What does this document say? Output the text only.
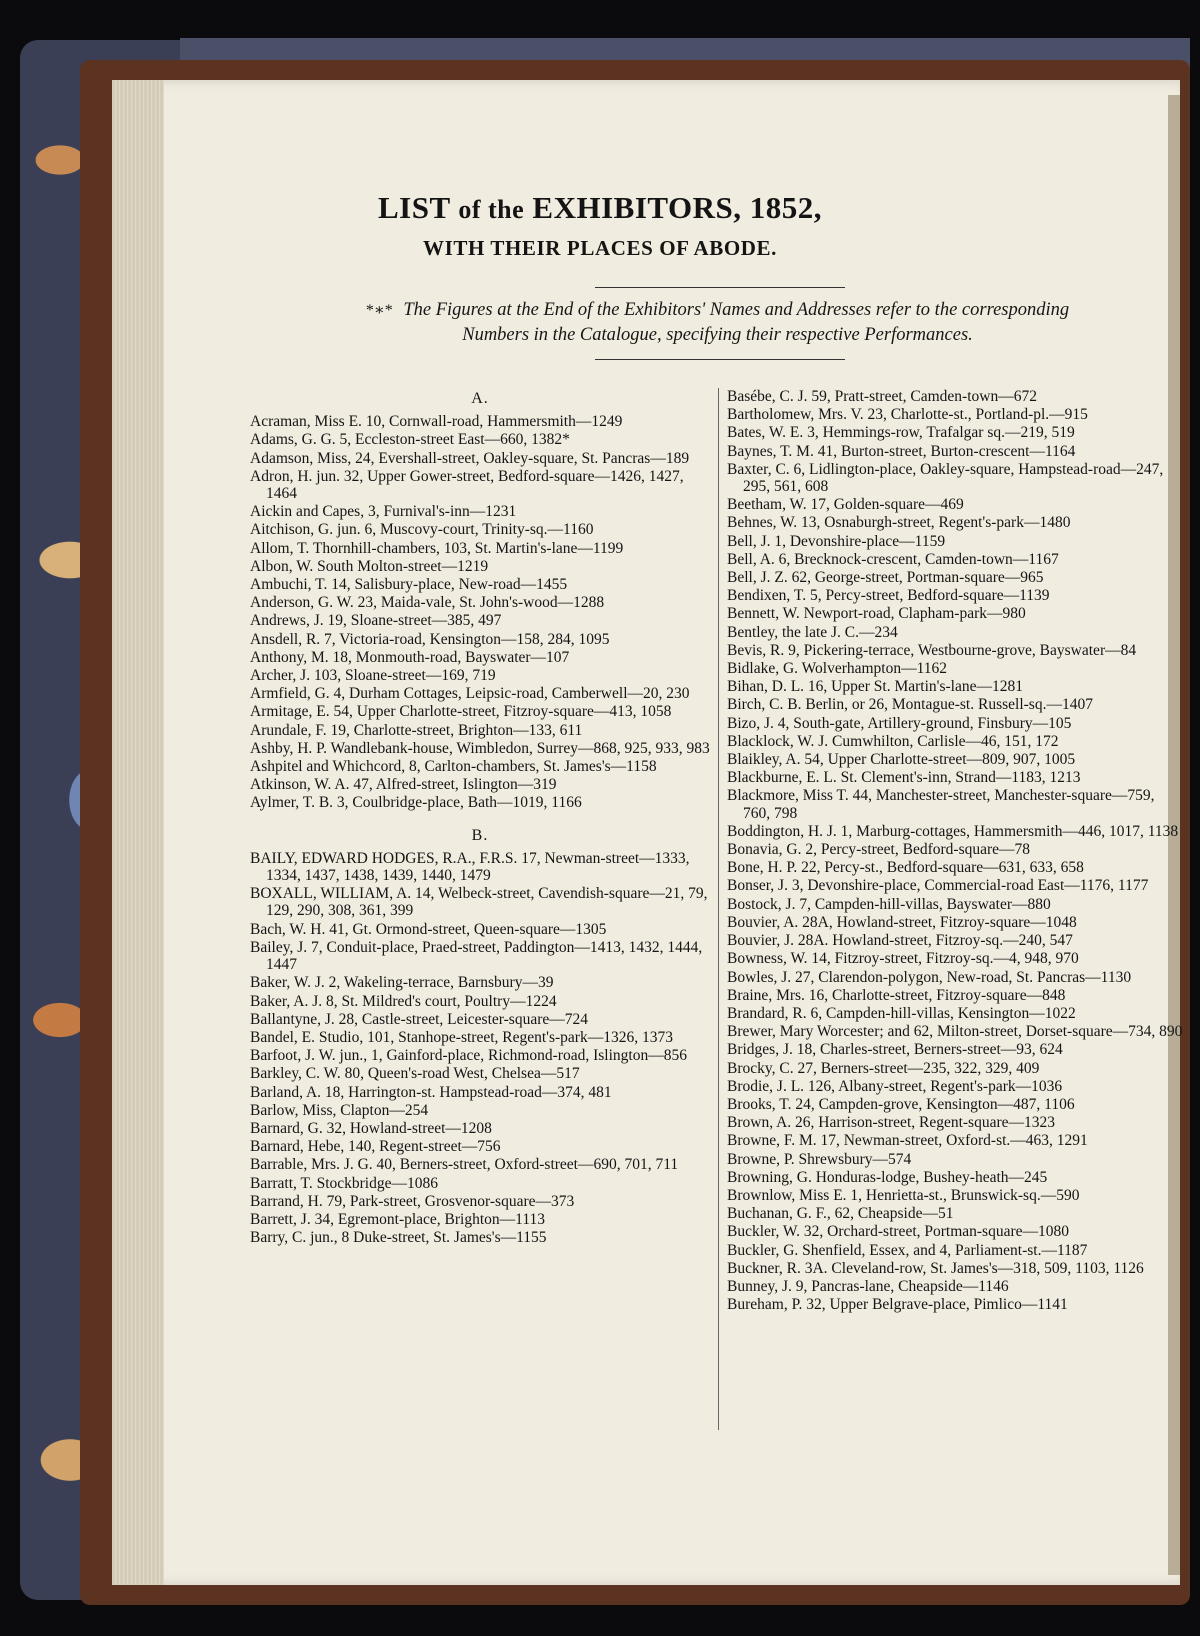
LIST of the EXHIBITORS, 1852,
WITH THEIR PLACES OF ABODE.
*∗* The Figures at the End of the Exhibitors' Names and Addresses refer to the corresponding
Numbers in the Catalogue, specifying their respective Performances.
A.
Acraman, Miss E. 10, Cornwall-road, Hammersmith—1249
Adams, G. G. 5, Eccleston-street East—660, 1382*
Adamson, Miss, 24, Evershall-street, Oakley-square, St. Pancras—189
Adron, H. jun. 32, Upper Gower-street, Bedford-square—1426, 1427, 1464
Aickin and Capes, 3, Furnival's-inn—1231
Aitchison, G. jun. 6, Muscovy-court, Trinity-sq.—1160
Allom, T. Thornhill-chambers, 103, St. Martin's-lane—1199
Albon, W. South Molton-street—1219
Ambuchi, T. 14, Salisbury-place, New-road—1455
Anderson, G. W. 23, Maida-vale, St. John's-wood—1288
Andrews, J. 19, Sloane-street—385, 497
Ansdell, R. 7, Victoria-road, Kensington—158, 284, 1095
Anthony, M. 18, Monmouth-road, Bayswater—107
Archer, J. 103, Sloane-street—169, 719
Armfield, G. 4, Durham Cottages, Leipsic-road, Camberwell—20, 230
Armitage, E. 54, Upper Charlotte-street, Fitzroy-square—413, 1058
Arundale, F. 19, Charlotte-street, Brighton—133, 611
Ashby, H. P. Wandlebank-house, Wimbledon, Surrey—868, 925, 933, 983
Ashpitel and Whichcord, 8, Carlton-chambers, St. James's—1158
Atkinson, W. A. 47, Alfred-street, Islington—319
Aylmer, T. B. 3, Coulbridge-place, Bath—1019, 1166
B.
BAILY, EDWARD HODGES, R.A., F.R.S. 17, Newman-street—1333, 1334, 1437, 1438, 1439, 1440, 1479
BOXALL, WILLIAM, A. 14, Welbeck-street, Cavendish-square—21, 79, 129, 290, 308, 361, 399
Bach, W. H. 41, Gt. Ormond-street, Queen-square—1305
Bailey, J. 7, Conduit-place, Praed-street, Paddington—1413, 1432, 1444, 1447
Baker, W. J. 2, Wakeling-terrace, Barnsbury—39
Baker, A. J. 8, St. Mildred's court, Poultry—1224
Ballantyne, J. 28, Castle-street, Leicester-square—724
Bandel, E. Studio, 101, Stanhope-street, Regent's-park—1326, 1373
Barfoot, J. W. jun., 1, Gainford-place, Richmond-road, Islington—856
Barkley, C. W. 80, Queen's-road West, Chelsea—517
Barland, A. 18, Harrington-st. Hampstead-road—374, 481
Barlow, Miss, Clapton—254
Barnard, G. 32, Howland-street—1208
Barnard, Hebe, 140, Regent-street—756
Barrable, Mrs. J. G. 40, Berners-street, Oxford-street—690, 701, 711
Barratt, T. Stockbridge—1086
Barrand, H. 79, Park-street, Grosvenor-square—373
Barrett, J. 34, Egremont-place, Brighton—1113
Barry, C. jun., 8 Duke-street, St. James's—1155
Basébe, C. J. 59, Pratt-street, Camden-town—672
Bartholomew, Mrs. V. 23, Charlotte-st., Portland-pl.—915
Bates, W. E. 3, Hemmings-row, Trafalgar sq.—219, 519
Baynes, T. M. 41, Burton-street, Burton-crescent—1164
Baxter, C. 6, Lidlington-place, Oakley-square, Hampstead-road—247, 295, 561, 608
Beetham, W. 17, Golden-square—469
Behnes, W. 13, Osnaburgh-street, Regent's-park—1480
Bell, J. 1, Devonshire-place—1159
Bell, A. 6, Brecknock-crescent, Camden-town—1167
Bell, J. Z. 62, George-street, Portman-square—965
Bendixen, T. 5, Percy-street, Bedford-square—1139
Bennett, W. Newport-road, Clapham-park—980
Bentley, the late J. C.—234
Bevis, R. 9, Pickering-terrace, Westbourne-grove, Bayswater—84
Bidlake, G. Wolverhampton—1162
Bihan, D. L. 16, Upper St. Martin's-lane—1281
Birch, C. B. Berlin, or 26, Montague-st. Russell-sq.—1407
Bizo, J. 4, South-gate, Artillery-ground, Finsbury—105
Blacklock, W. J. Cumwhilton, Carlisle—46, 151, 172
Blaikley, A. 54, Upper Charlotte-street—809, 907, 1005
Blackburne, E. L. St. Clement's-inn, Strand—1183, 1213
Blackmore, Miss T. 44, Manchester-street, Manchester-square—759, 760, 798
Boddington, H. J. 1, Marburg-cottages, Hammersmith—446, 1017, 1138
Bonavia, G. 2, Percy-street, Bedford-square—78
Bone, H. P. 22, Percy-st., Bedford-square—631, 633, 658
Bonser, J. 3, Devonshire-place, Commercial-road East—1176, 1177
Bostock, J. 7, Campden-hill-villas, Bayswater—880
Bouvier, A. 28A, Howland-street, Fitzroy-square—1048
Bouvier, J. 28A. Howland-street, Fitzroy-sq.—240, 547
Bowness, W. 14, Fitzroy-street, Fitzroy-sq.—4, 948, 970
Bowles, J. 27, Clarendon-polygon, New-road, St. Pancras—1130
Braine, Mrs. 16, Charlotte-street, Fitzroy-square—848
Brandard, R. 6, Campden-hill-villas, Kensington—1022
Brewer, Mary Worcester; and 62, Milton-street, Dorset-square—734, 890
Bridges, J. 18, Charles-street, Berners-street—93, 624
Brocky, C. 27, Berners-street—235, 322, 329, 409
Brodie, J. L. 126, Albany-street, Regent's-park—1036
Brooks, T. 24, Campden-grove, Kensington—487, 1106
Brown, A. 26, Harrison-street, Regent-square—1323
Browne, F. M. 17, Newman-street, Oxford-st.—463, 1291
Browne, P. Shrewsbury—574
Browning, G. Honduras-lodge, Bushey-heath—245
Brownlow, Miss E. 1, Henrietta-st., Brunswick-sq.—590
Buchanan, G. F., 62, Cheapside—51
Buckler, W. 32, Orchard-street, Portman-square—1080
Buckler, G. Shenfield, Essex, and 4, Parliament-st.—1187
Buckner, R. 3A. Cleveland-row, St. James's—318, 509, 1103, 1126
Bunney, J. 9, Pancras-lane, Cheapside—1146
Bureham, P. 32, Upper Belgrave-place, Pimlico—1141
